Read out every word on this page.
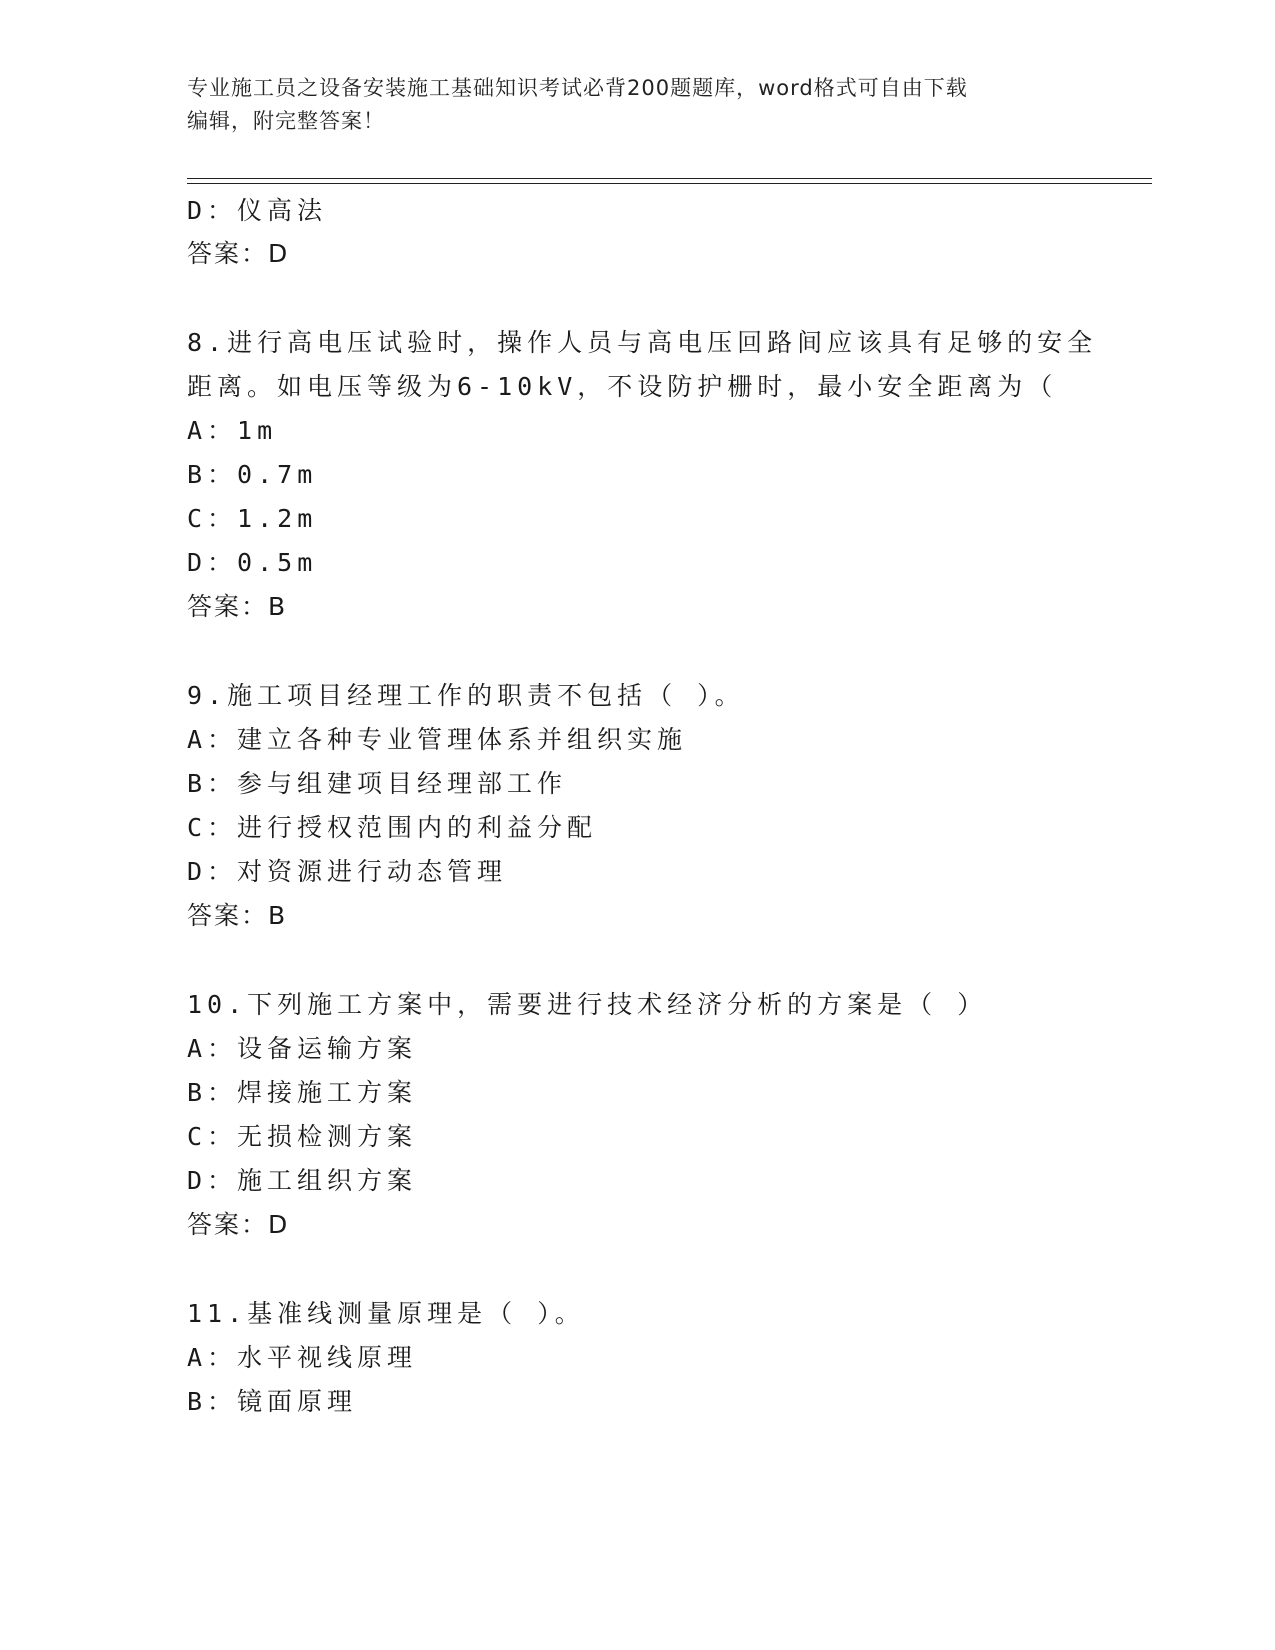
专业施工员之设备安装施工基础知识考试必背200题题库，word格式可自由下载
编辑，附完整答案！
D：仪高法
答案：D
8.进行高电压试验时，操作人员与高电压回路间应该具有足够的安全
距离。如电压等级为6-10kV，不设防护栅时，最小安全距离为（
A：1m
B：0.7m
C：1.2m
D：0.5m
答案：B
9.施工项目经理工作的职责不包括（ ）。
A：建立各种专业管理体系并组织实施
B：参与组建项目经理部工作
C：进行授权范围内的利益分配
D：对资源进行动态管理
答案：B
10.下列施工方案中，需要进行技术经济分析的方案是（ ）
A：设备运输方案
B：焊接施工方案
C：无损检测方案
D：施工组织方案
答案：D
11.基准线测量原理是（ ）。
A：水平视线原理
B：镜面原理
